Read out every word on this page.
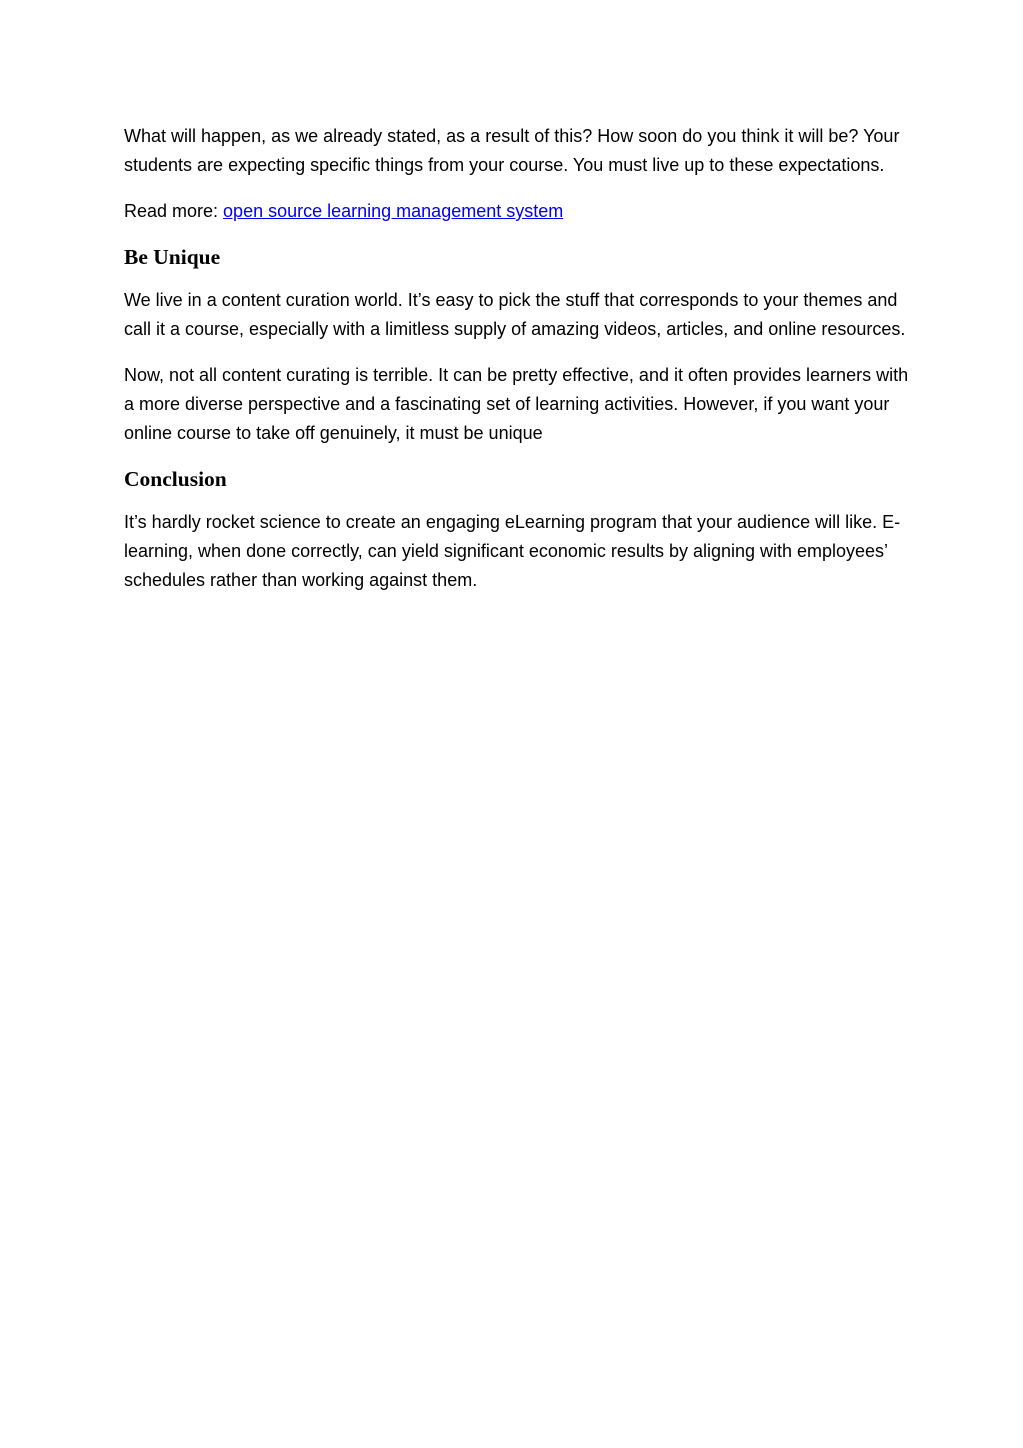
What will happen, as we already stated, as a result of this? How soon do you think it will be? Your students are expecting specific things from your course. You must live up to these expectations.

Read more: open source learning management system

Be Unique

We live in a content curation world. It’s easy to pick the stuff that corresponds to your themes and call it a course, especially with a limitless supply of amazing videos, articles, and online resources.

Now, not all content curating is terrible. It can be pretty effective, and it often provides learners with a more diverse perspective and a fascinating set of learning activities. However, if you want your online course to take off genuinely, it must be unique

Conclusion

It’s hardly rocket science to create an engaging eLearning program that your audience will like. E-learning, when done correctly, can yield significant economic results by aligning with employees’ schedules rather than working against them.
